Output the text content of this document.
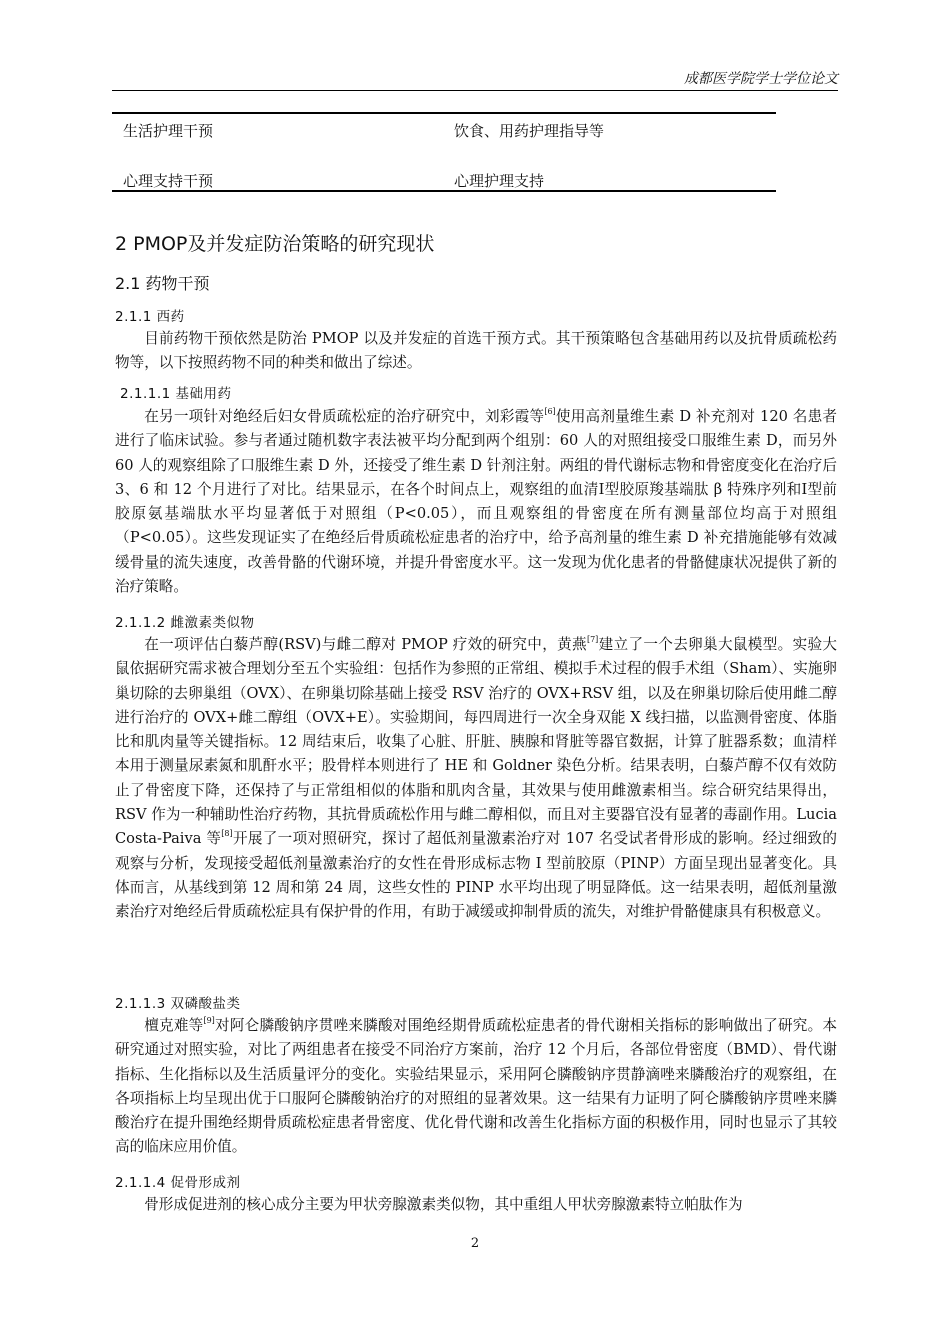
成都医学院学士学位论文
生活护理干预	饮食、用药护理指导等
心理支持干预	心理护理支持
2 PMOP及并发症防治策略的研究现状
2.1 药物干预
2.1.1 西药

目前药物干预依然是防治 PMOP 以及并发症的首选干预方式。其干预策略包含基础用药以及抗骨质疏松药物等，以下按照药物不同的种类和做出了综述。

2.1.1.1 基础用药

在另一项针对绝经后妇女骨质疏松症的治疗研究中，刘彩霞等[6]使用高剂量维生素 D 补充剂对 120 名患者进行了临床试验。参与者通过随机数字表法被平均分配到两个组别：60 人的对照组接受口服维生素 D，而另外 60 人的观察组除了口服维生素 D 外，还接受了维生素 D 针剂注射。两组的骨代谢标志物和骨密度变化在治疗后 3、6 和 12 个月进行了对比。结果显示，在各个时间点上，观察组的血清Ⅰ型胶原羧基端肽 β 特殊序列和Ⅰ型前胶原氨基端肽水平均显著低于对照组（P<0.05），而且观察组的骨密度在所有测量部位均高于对照组（P<0.05）。这些发现证实了在绝经后骨质疏松症患者的治疗中，给予高剂量的维生素 D 补充措施能够有效减缓骨量的流失速度，改善骨骼的代谢环境，并提升骨密度水平。这一发现为优化患者的骨骼健康状况提供了新的治疗策略。

2.1.1.2 雌激素类似物

在一项评估白藜芦醇(RSV)与雌二醇对 PMOP 疗效的研究中，黄燕[7]建立了一个去卵巢大鼠模型。实验大鼠依据研究需求被合理划分至五个实验组：包括作为参照的正常组、模拟手术过程的假手术组（Sham）、实施卵巢切除的去卵巢组（OVX）、在卵巢切除基础上接受 RSV 治疗的 OVX+RSV 组，以及在卵巢切除后使用雌二醇进行治疗的 OVX+雌二醇组（OVX+E）。实验期间，每四周进行一次全身双能 X 线扫描，以监测骨密度、体脂比和肌肉量等关键指标。12 周结束后，收集了心脏、肝脏、胰腺和肾脏等器官数据，计算了脏器系数；血清样本用于测量尿素氮和肌酐水平；股骨样本则进行了 HE 和 Goldner 染色分析。结果表明，白藜芦醇不仅有效防止了骨密度下降，还保持了与正常组相似的体脂和肌肉含量，其效果与使用雌激素相当。综合研究结果得出，RSV 作为一种辅助性治疗药物，其抗骨质疏松作用与雌二醇相似，而且对主要器官没有显著的毒副作用。Lucia Costa-Paiva 等[8]开展了一项对照研究，探讨了超低剂量激素治疗对 107 名受试者骨形成的影响。经过细致的观察与分析，发现接受超低剂量激素治疗的女性在骨形成标志物 I 型前胶原（PINP）方面呈现出显著变化。具体而言，从基线到第 12 周和第 24 周，这些女性的 PINP 水平均出现了明显降低。这一结果表明，超低剂量激素治疗对绝经后骨质疏松症具有保护骨的作用，有助于减缓或抑制骨质的流失，对维护骨骼健康具有积极意义。

2.1.1.3 双磷酸盐类

檀克难等[9]对阿仑膦酸钠序贯唑来膦酸对围绝经期骨质疏松症患者的骨代谢相关指标的影响做出了研究。本研究通过对照实验，对比了两组患者在接受不同治疗方案前，治疗 12 个月后，各部位骨密度（BMD）、骨代谢指标、生化指标以及生活质量评分的变化。实验结果显示，采用阿仑膦酸钠序贯静滴唑来膦酸治疗的观察组，在各项指标上均呈现出优于口服阿仑膦酸钠治疗的对照组的显著效果。这一结果有力证明了阿仑膦酸钠序贯唑来膦酸治疗在提升围绝经期骨质疏松症患者骨密度、优化骨代谢和改善生化指标方面的积极作用，同时也显示了其较高的临床应用价值。

2.1.1.4 促骨形成剂

骨形成促进剂的核心成分主要为甲状旁腺激素类似物，其中重组人甲状旁腺激素特立帕肽作为

2
